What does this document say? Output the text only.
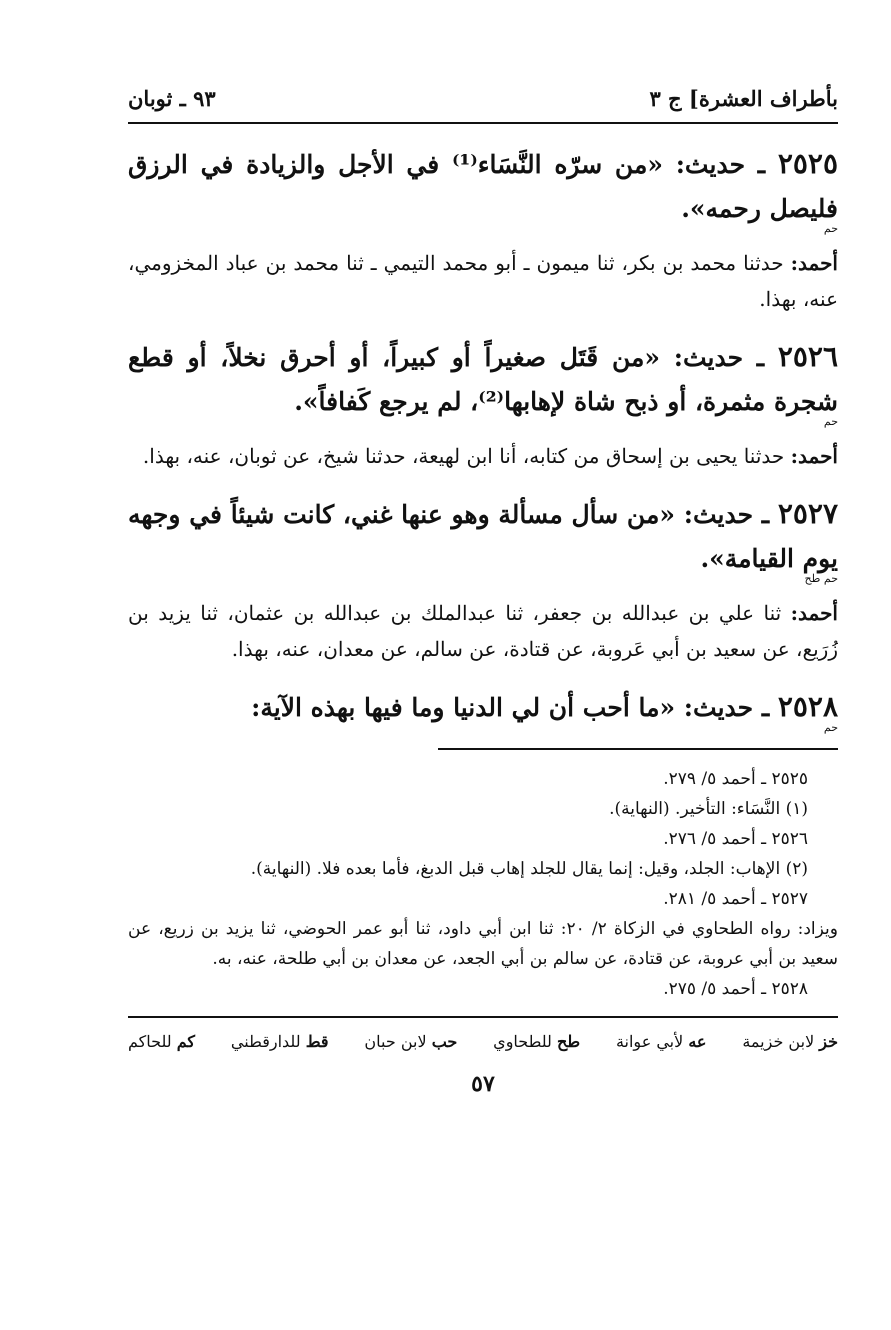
بأطراف العشرة] ج ٣
٩٣ ـ ثوبان
٢٥٢٥ ـ حديث: «من سرّه النَّسَاء⁽¹⁾ في الأجل والزيادة في الرزق فليصل رحمه».
حم
أحمد: حدثنا محمد بن بكر، ثنا ميمون ـ أبو محمد التيمي ـ ثنا محمد بن عباد المخزومي، عنه، بهذا.
٢٥٢٦ ـ حديث: «من قَتَل صغيراً أو كبيراً، أو أحرق نخلاً، أو قطع شجرة مثمرة، أو ذبح شاة لإهابها⁽²⁾، لم يرجع كَفافاً».
حم
أحمد: حدثنا يحيى بن إسحاق من كتابه، أنا ابن لهيعة، حدثنا شيخ، عن ثوبان، عنه، بهذا.
٢٥٢٧ ـ حديث: «من سأل مسألة وهو عنها غني، كانت شيئاً في وجهه يوم القيامة».
حم طح
أحمد: ثنا علي بن عبدالله بن جعفر، ثنا عبدالملك بن عبدالله بن عثمان، ثنا يزيد بن زُرَيع، عن سعيد بن أبي عَروبة، عن قتادة، عن سالم، عن معدان، عنه، بهذا.
٢٥٢٨ ـ حديث: «ما أحب أن لي الدنيا وما فيها بهذه الآية:
حم
٢٥٢٥ ـ أحمد ٥/ ٢٧٩.
(١) النَّسَاء: التأخير. (النهاية).
٢٥٢٦ ـ أحمد ٥/ ٢٧٦.
(٢) الإهاب: الجلد، وقيل: إنما يقال للجلد إهاب قبل الدبغ، فأما بعده فلا. (النهاية).
٢٥٢٧ ـ أحمد ٥/ ٢٨١.
ويزاد: رواه الطحاوي في الزكاة ٢/ ٢٠: ثنا ابن أبي داود، ثنا أبو عمر الحوضي، ثنا يزيد بن زريع، عن سعيد بن أبي عروبة، عن قتادة، عن سالم بن أبي الجعد، عن معدان بن أبي طلحة، عنه، به.
٢٥٢٨ ـ أحمد ٥/ ٢٧٥.
خز لابن خزيمة
عه لأبي عوانة
طح للطحاوي
حب لابن حبان
قط للدارقطني
كم للحاكم
٥٧
